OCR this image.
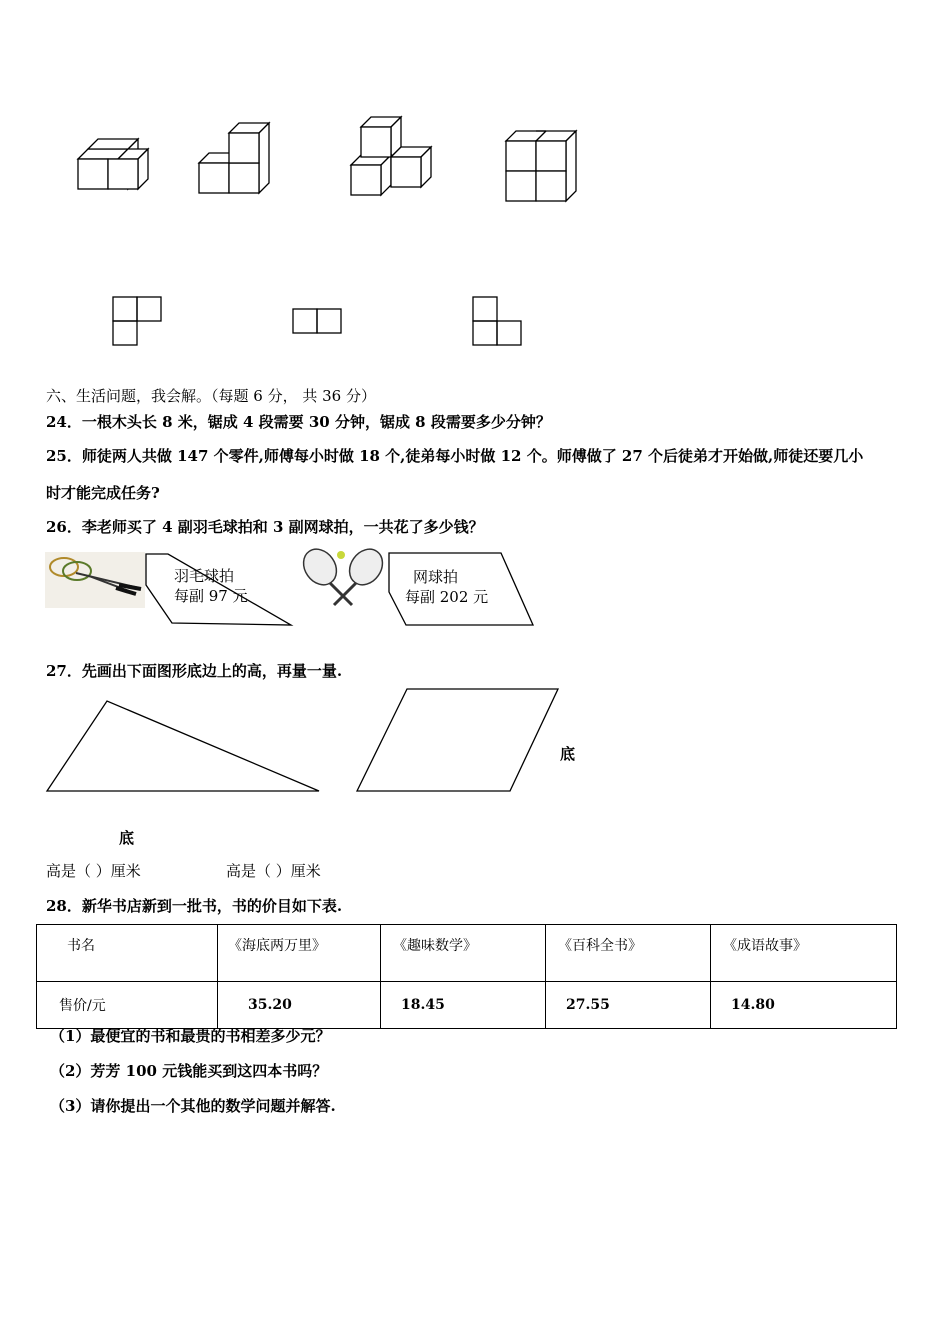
六、生活问题，我会解。（每题 6 分， 共 36 分）
24．一根木头长 8 米，锯成 4 段需要 30 分钟，锯成 8 段需要多少分钟？
25．师徒两人共做 147 个零件,师傅每小时做 18 个,徒弟每小时做 12 个。师傅做了 27 个后徒弟才开始做,师徒还要几小
时才能完成任务?
26．李老师买了 4 副羽毛球拍和 3 副网球拍，一共花了多少钱？
羽毛球拍
每副 97 元
网球拍
每副 202 元
27．先画出下面图形底边上的高，再量一量.
底
底
高是（ ）厘米	高是（ ）厘米
28．新华书店新到一批书，书的价目如下表.
书名	《海底两万里》	《趣味数学》	《百科全书》	《成语故事》
售价/元	35.20	18.45	27.55	14.80
（1）最便宜的书和最贵的书相差多少元？
（2）芳芳 100 元钱能买到这四本书吗？
（3）请你提出一个其他的数学问题并解答.
